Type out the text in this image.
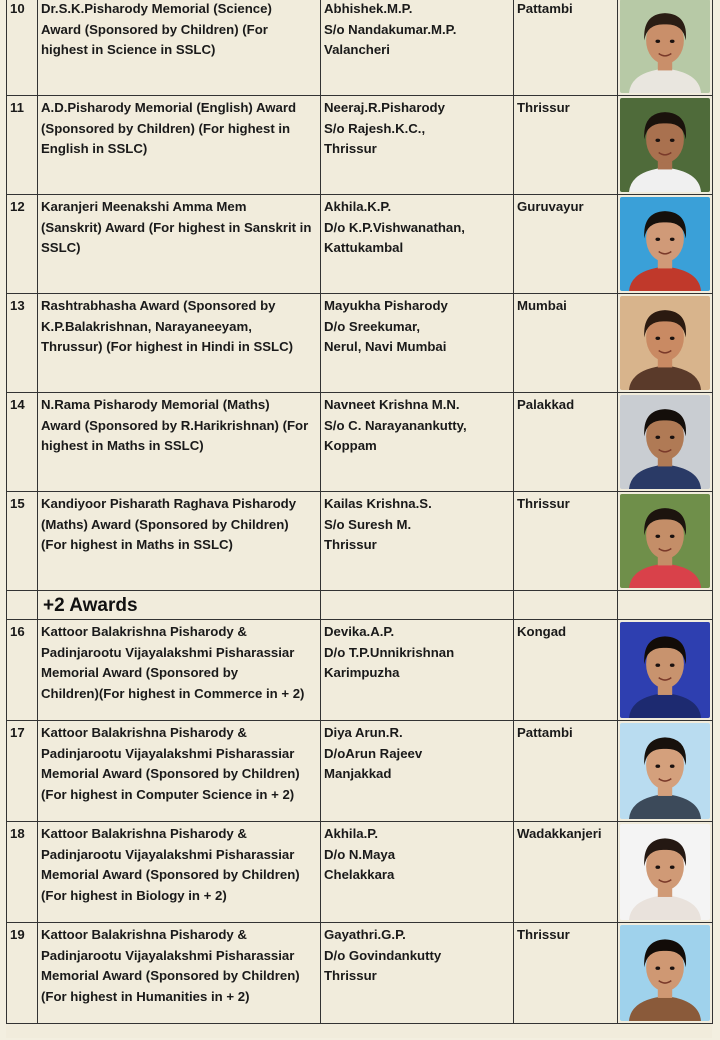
10	Dr.S.K.Pisharody Memorial (Science)
Award (Sponsored by Children) (For
highest in Science in SSLC)	Abhishek.M.P.
S/o Nandakumar.M.P.
Valancheri	Pattambi	

11	A.D.Pisharody Memorial (English) Award
(Sponsored by Children) (For highest in
English in SSLC)	Neeraj.R.Pisharody
S/o Rajesh.K.C.,
Thrissur	Thrissur	

12	Karanjeri Meenakshi Amma Mem
(Sanskrit) Award (For highest in Sanskrit in
SSLC)	Akhila.K.P.
D/o K.P.Vishwanathan,
Kattukambal	Guruvayur	

13	Rashtrabhasha Award (Sponsored by
K.P.Balakrishnan, Narayaneeyam,
Thrussur) (For highest in Hindi in SSLC)	Mayukha Pisharody
D/o Sreekumar,
Nerul, Navi Mumbai	Mumbai	

14	N.Rama Pisharody Memorial (Maths)
Award (Sponsored by R.Harikrishnan) (For
highest in Maths in SSLC)	Navneet Krishna M.N.
S/o C. Narayanankutty,
Koppam	Palakkad	

15	Kandiyoor Pisharath Raghava Pisharody
(Maths) Award (Sponsored by Children)
(For highest in Maths in SSLC)	Kailas Krishna.S.
S/o Suresh M.
Thrissur	Thrissur	

	+2 Awards			
16	Kattoor Balakrishna Pisharody &
Padinjarootu Vijayalakshmi Pisharassiar
Memorial Award (Sponsored by
Children)(For highest in Commerce in + 2)	Devika.A.P.
D/o T.P.Unnikrishnan
Karimpuzha	Kongad	

17	Kattoor Balakrishna Pisharody &
Padinjarootu Vijayalakshmi Pisharassiar
Memorial Award (Sponsored by Children)
(For highest in Computer Science in + 2)	Diya Arun.R.
D/oArun Rajeev
Manjakkad	Pattambi	

18	Kattoor Balakrishna Pisharody &
Padinjarootu Vijayalakshmi Pisharassiar
Memorial Award (Sponsored by Children)
(For highest in Biology in + 2)	Akhila.P.
D/o N.Maya
Chelakkara	Wadakkanjeri	

19	Kattoor Balakrishna Pisharody &
Padinjarootu Vijayalakshmi Pisharassiar
Memorial Award (Sponsored by Children)
(For highest in Humanities in + 2)	Gayathri.G.P.
D/o Govindankutty
Thrissur	Thrissur	
